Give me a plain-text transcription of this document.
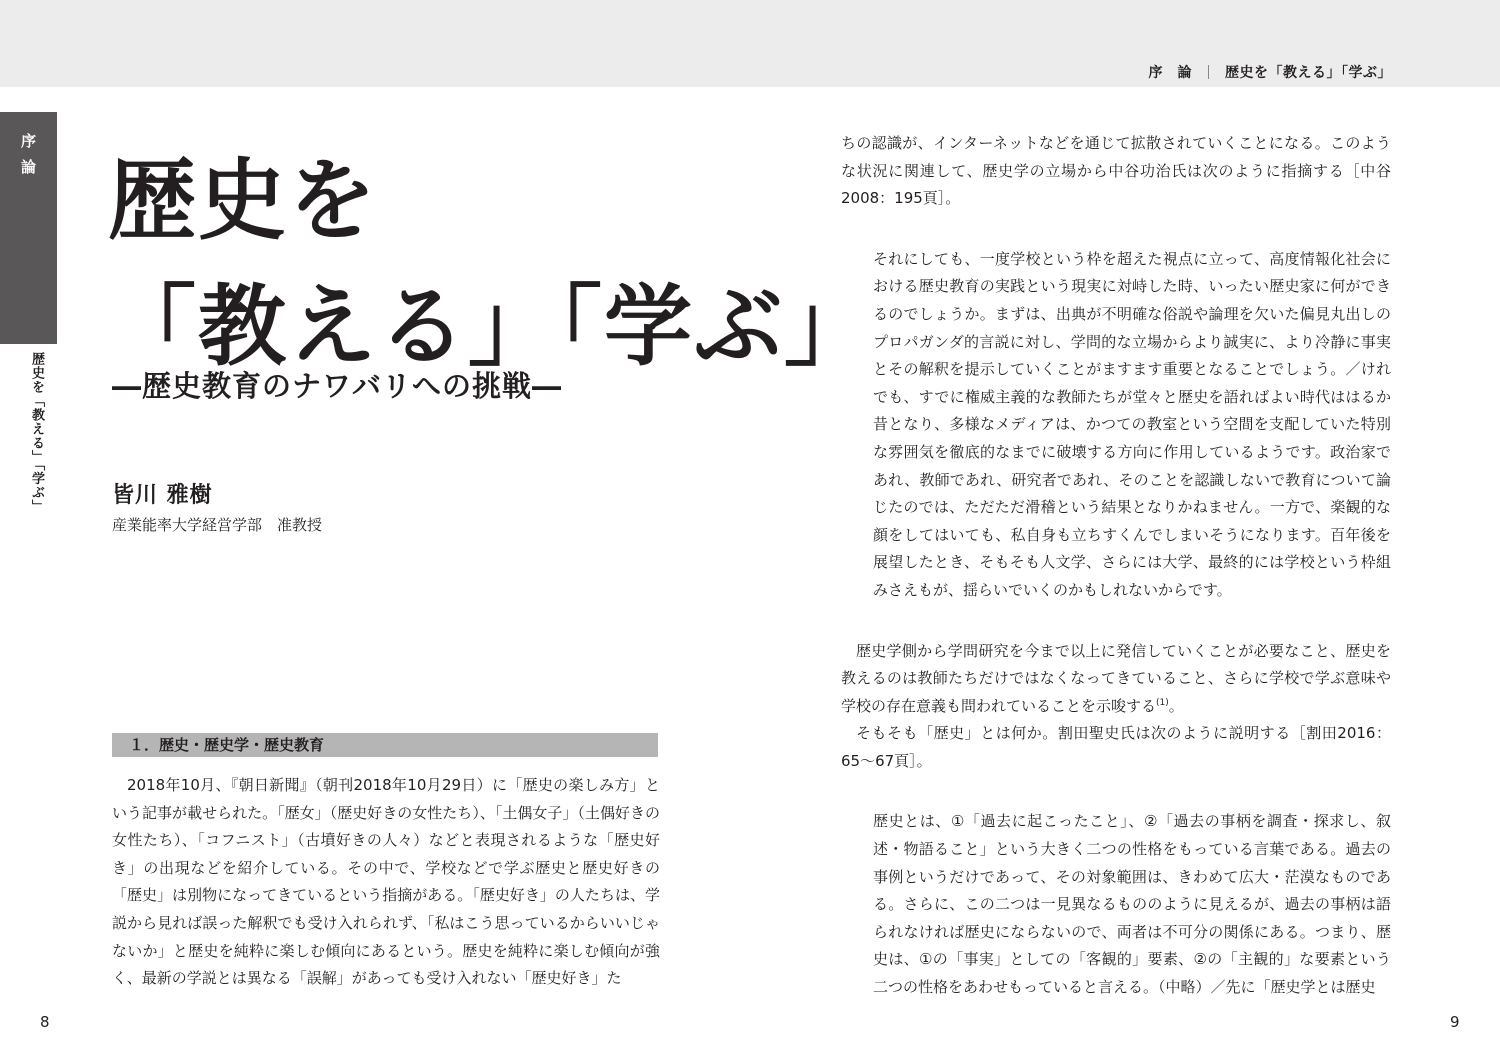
序　論 歴史を「教える」「学ぶ」
序
論
歴史を「教える」「学ぶ」
歴史を
「教える」「学ぶ」
―歴史教育のナワバリへの挑戦―
皆川 雅樹
産業能率大学経営学部　准教授
１．歴史・歴史学・歴史教育

2018年10月、『朝日新聞』（朝刊2018年10月29日）に「歴史の楽しみ方」という記事が載せられた。「歴女」（歴史好きの女性たち）、「土偶女子」（土偶好きの女性たち）、「コフニスト」（古墳好きの人々）などと表現されるような「歴史好き」の出現などを紹介している。その中で、学校などで学ぶ歴史と歴史好きの「歴史」は別物になってきているという指摘がある。「歴史好き」の人たちは、学説から見れば誤った解釈でも受け入れられず、「私はこう思っているからいいじゃないか」と歴史を純粋に楽しむ傾向にあるという。歴史を純粋に楽しむ傾向が強く、最新の学説とは異なる「誤解」があっても受け入れない「歴史好き」た

ちの認識が、インターネットなどを通じて拡散されていくことになる。このような状況に関連して、歴史学の立場から中谷功治氏は次のように指摘する［中谷2008：195頁］。

それにしても、一度学校という枠を超えた視点に立って、高度情報化社会における歴史教育の実践という現実に対峙した時、いったい歴史家に何ができるのでしょうか。まずは、出典が不明確な俗説や論理を欠いた偏見丸出しのプロパガンダ的言説に対し、学問的な立場からより誠実に、より冷静に事実とその解釈を提示していくことがますます重要となることでしょう。／けれでも、すでに権威主義的な教師たちが堂々と歴史を語ればよい時代ははるか昔となり、多様なメディアは、かつての教室という空間を支配していた特別な雰囲気を徹底的なまでに破壊する方向に作用しているようです。政治家であれ、教師であれ、研究者であれ、そのことを認識しないで教育について論じたのでは、ただただ滑稽という結果となりかねません。一方で、楽観的な顔をしてはいても、私自身も立ちすくんでしまいそうになります。百年後を展望したとき、そもそも人文学、さらには大学、最終的には学校という枠組みさえもが、揺らいでいくのかもしれないからです。

歴史学側から学問研究を今まで以上に発信していくことが必要なこと、歴史を教えるのは教師たちだけではなくなってきていること、さらに学校で学ぶ意味や学校の存在意義も問われていることを示唆する$^{(1)}$。

そもそも「歴史」とは何か。割田聖史氏は次のように説明する［割田2016：65～67頁］。

歴史とは、①「過去に起こったこと」、②「過去の事柄を調査・探求し、叙述・物語ること」という大きく二つの性格をもっている言葉である。過去の事例というだけであって、その対象範囲は、きわめて広大・茫漠なものである。さらに、この二つは一見異なるもののように見えるが、過去の事柄は語られなければ歴史にならないので、両者は不可分の関係にある。つまり、歴史は、①の「事実」としての「客観的」要素、②の「主観的」な要素という二つの性格をあわせもっていると言える。（中略）／先に「歴史学とは歴史

8	9
